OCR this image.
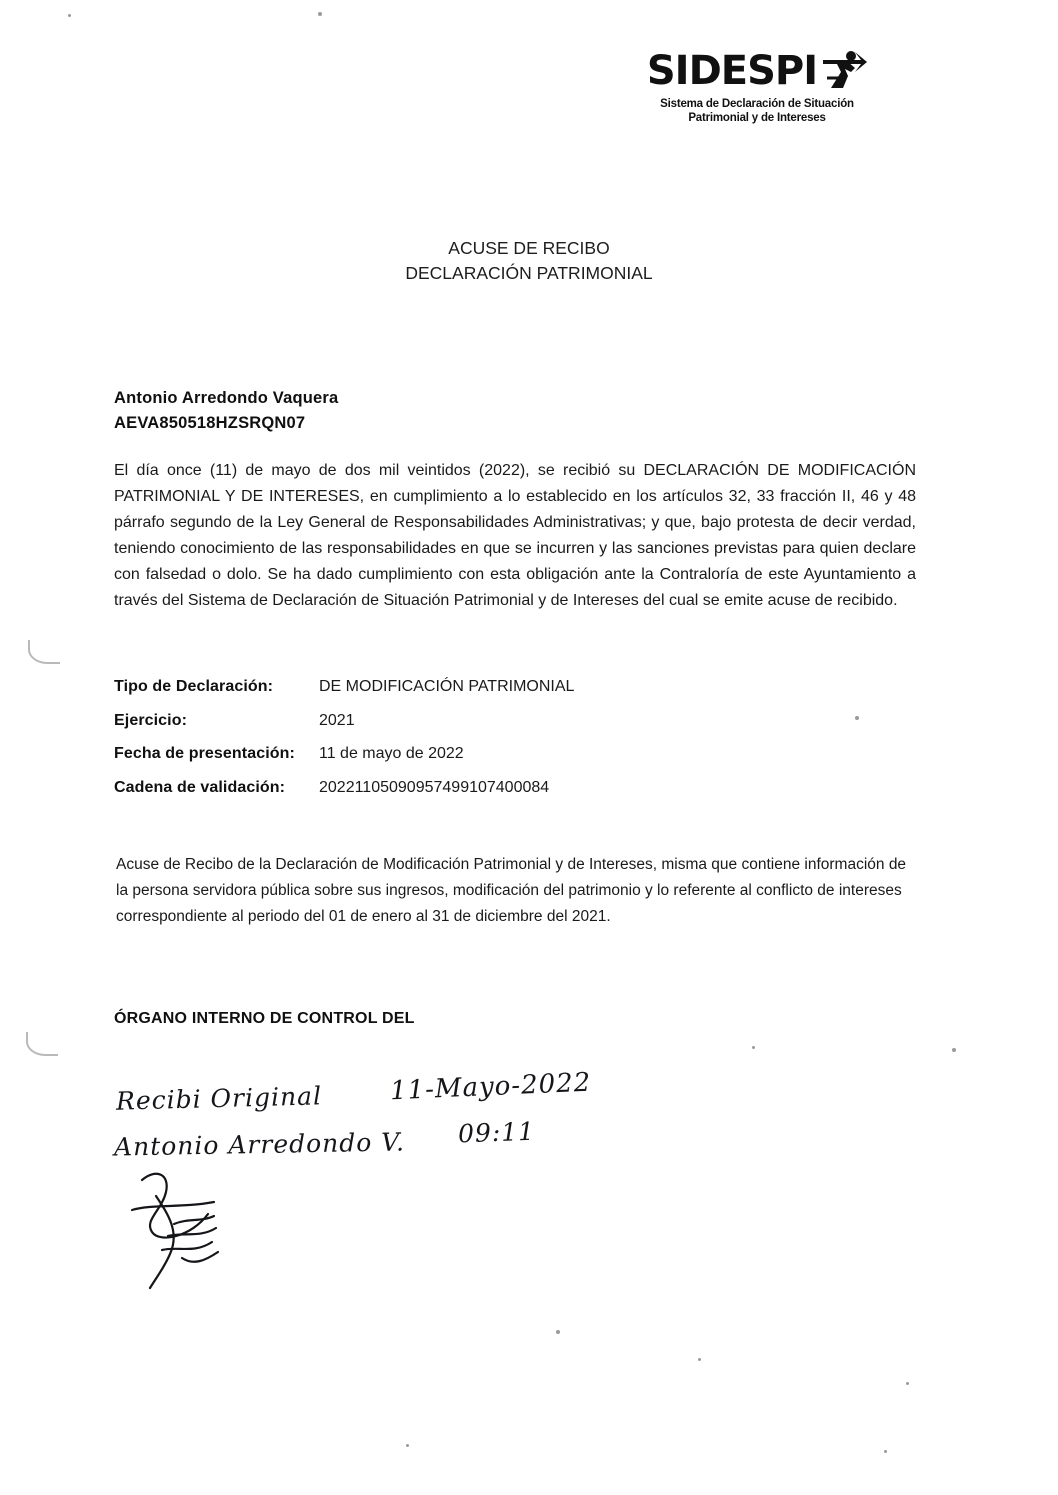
SIDESPI
Sistema de Declaración de Situación
Patrimonial y de Intereses
ACUSE DE RECIBO
DECLARACIÓN PATRIMONIAL
Antonio Arredondo Vaquera
AEVA850518HZSRQN07
El día once (11) de mayo de dos mil veintidos (2022), se recibió su DECLARACIÓN DE MODIFICACIÓN PATRIMONIAL Y DE INTERESES, en cumplimiento a lo establecido en los artículos 32, 33 fracción II, 46 y 48 párrafo segundo de la Ley General de Responsabilidades Administrativas; y que, bajo protesta de decir verdad, teniendo conocimiento de las responsabilidades en que se incurren y las sanciones previstas para quien declare con falsedad o dolo. Se ha dado cumplimiento con esta obligación ante la Contraloría de este Ayuntamiento a través del Sistema de Declaración de Situación Patrimonial y de Intereses del cual se emite acuse de recibido.
Tipo de Declaración:	DE MODIFICACIÓN PATRIMONIAL
Ejercicio:	2021
Fecha de presentación:	11 de mayo de 2022
Cadena de validación:	20221105090957499107400084
Acuse de Recibo de la Declaración de Modificación Patrimonial y de Intereses, misma que contiene información de la persona servidora pública sobre sus ingresos, modificación del patrimonio y lo referente al conflicto de intereses correspondiente al periodo del 01 de enero al 31 de diciembre del 2021.
ÓRGANO INTERNO DE CONTROL DEL
Recibi Original	11-Mayo-2022
Antonio Arredondo V. 09:11
